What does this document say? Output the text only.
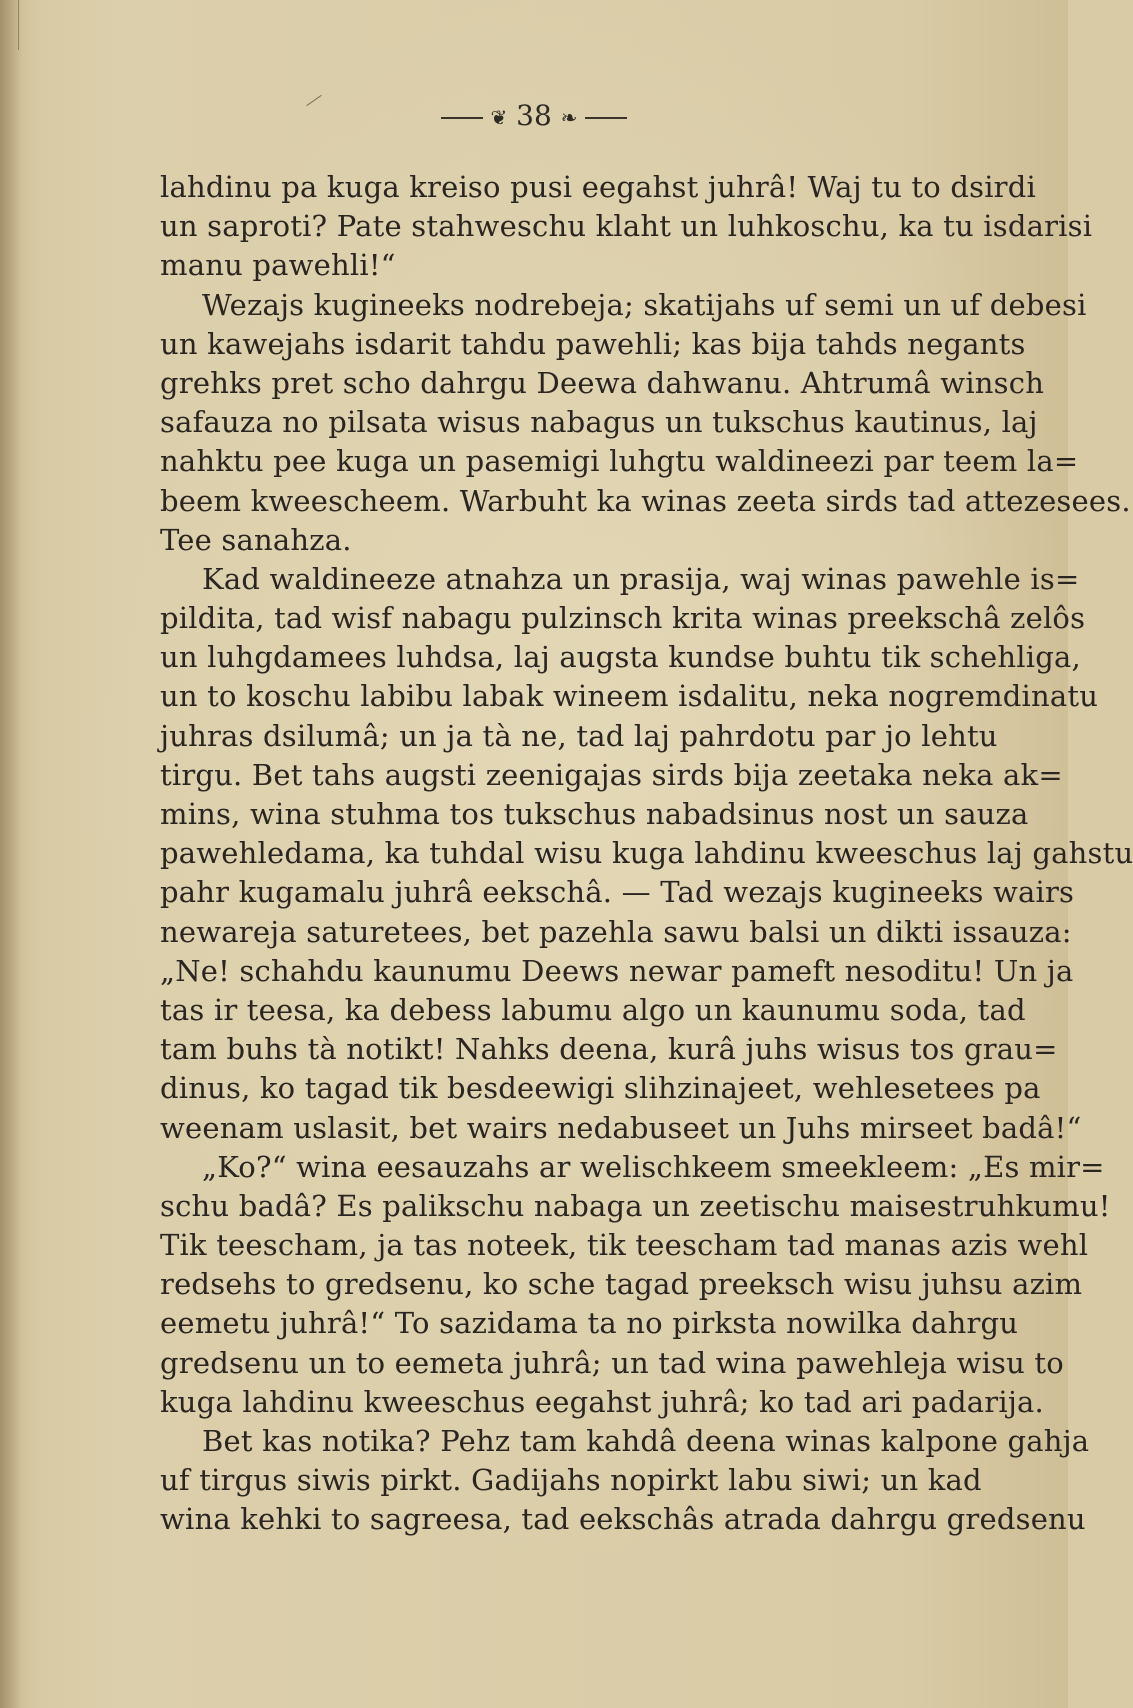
❦ 38 ❧
lahdinu pa kuga kreiso pusi eegahst juhrâ! Waj tu to dsirdi
un saproti? Pate stahweschu klaht un luhkoschu, ka tu isdarisi
manu pawehli!“
Wezajs kugineeks nodrebeja; skatijahs uf semi un uf debesi
un kawejahs isdarit tahdu pawehli; kas bija tahds negants
grehks pret scho dahrgu Deewa dahwanu. Ahtrumâ winsch
safauza no pilsata wisus nabagus un tukschus kautinus, laj
nahktu pee kuga un pasemigi luhgtu waldineezi par teem la=
beem kweescheem. Warbuht ka winas zeeta sirds tad attezesees.
Tee sanahza.
Kad waldineeze atnahza un prasija, waj winas pawehle is=
pildita, tad wisf nabagu pulzinsch krita winas preekschâ zelôs
un luhgdamees luhdsa, laj augsta kundse buhtu tik schehliga,
un to koschu labibu labak wineem isdalitu, neka nogremdinatu
juhras dsilumâ; un ja tà ne, tad laj pahrdotu par jo lehtu
tirgu. Bet tahs augsti zeenigajas sirds bija zeetaka neka ak=
mins, wina stuhma tos tukschus nabadsinus nost un sauza
pawehledama, ka tuhdal wisu kuga lahdinu kweeschus laj gahstu
pahr kugamalu juhrâ eekschâ. — Tad wezajs kugineeks wairs
newareja saturetees, bet pazehla sawu balsi un dikti issauza:
„Ne! schahdu kaunumu Deews newar pameft nesoditu! Un ja
tas ir teesa, ka debess labumu algo un kaunumu soda, tad
tam buhs tà notikt! Nahks deena, kurâ juhs wisus tos grau=
dinus, ko tagad tik besdeewigi slihzinajeet, wehlesetees pa
weenam uslasit, bet wairs nedabuseet un Juhs mirseet badâ!“
„Ko?“ wina eesauzahs ar welischkeem smeekleem: „Es mir=
schu badâ? Es palikschu nabaga un zeetischu maisestruhkumu!
Tik teescham, ja tas noteek, tik teescham tad manas azis wehl
redsehs to gredsenu, ko sche tagad preeksch wisu juhsu azim
eemetu juhrâ!“ To sazidama ta no pirksta nowilka dahrgu
gredsenu un to eemeta juhrâ; un tad wina pawehleja wisu to
kuga lahdinu kweeschus eegahst juhrâ; ko tad ari padarija.
Bet kas notika? Pehz tam kahdâ deena winas kalpone gahja
uf tirgus siwis pirkt. Gadijahs nopirkt labu siwi; un kad
wina kehki to sagreesa, tad eekschâs atrada dahrgu gredsenu
